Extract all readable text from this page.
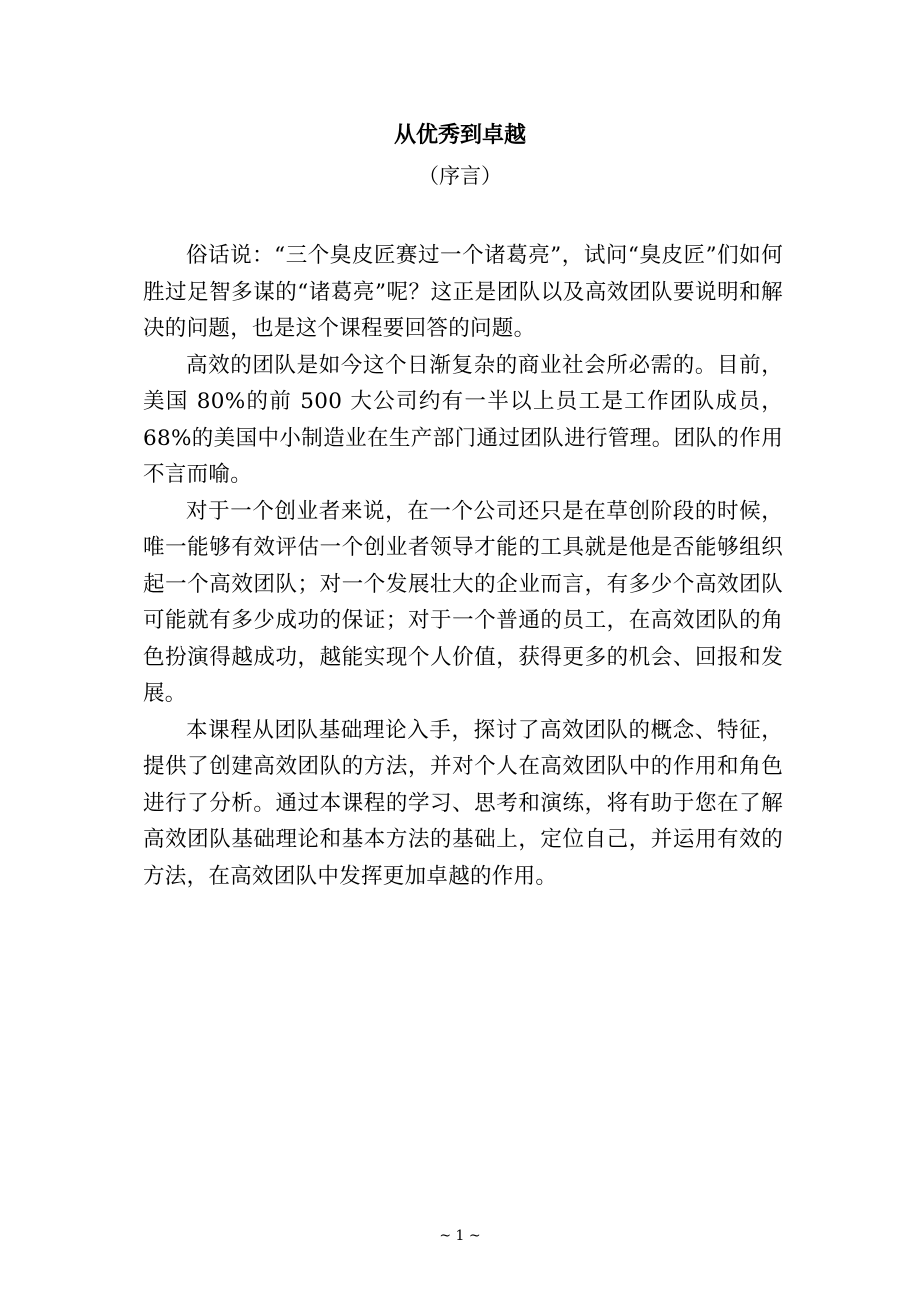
从优秀到卓越
（序言）

俗话说：“三个臭皮匠赛过一个诸葛亮”，试问“臭皮匠”们如何胜过足智多谋的“诸葛亮”呢？这正是团队以及高效团队要说明和解决的问题，也是这个课程要回答的问题。

高效的团队是如今这个日渐复杂的商业社会所必需的。目前，美国 80%的前 500 大公司约有一半以上员工是工作团队成员，68%的美国中小制造业在生产部门通过团队进行管理。团队的作用不言而喻。

对于一个创业者来说，在一个公司还只是在草创阶段的时候，唯一能够有效评估一个创业者领导才能的工具就是他是否能够组织起一个高效团队；对一个发展壮大的企业而言，有多少个高效团队可能就有多少成功的保证；对于一个普通的员工，在高效团队的角色扮演得越成功，越能实现个人价值，获得更多的机会、回报和发展。

本课程从团队基础理论入手，探讨了高效团队的概念、特征，提供了创建高效团队的方法，并对个人在高效团队中的作用和角色进行了分析。通过本课程的学习、思考和演练，将有助于您在了解高效团队基础理论和基本方法的基础上，定位自己，并运用有效的方法，在高效团队中发挥更加卓越的作用。

~ 1 ~
